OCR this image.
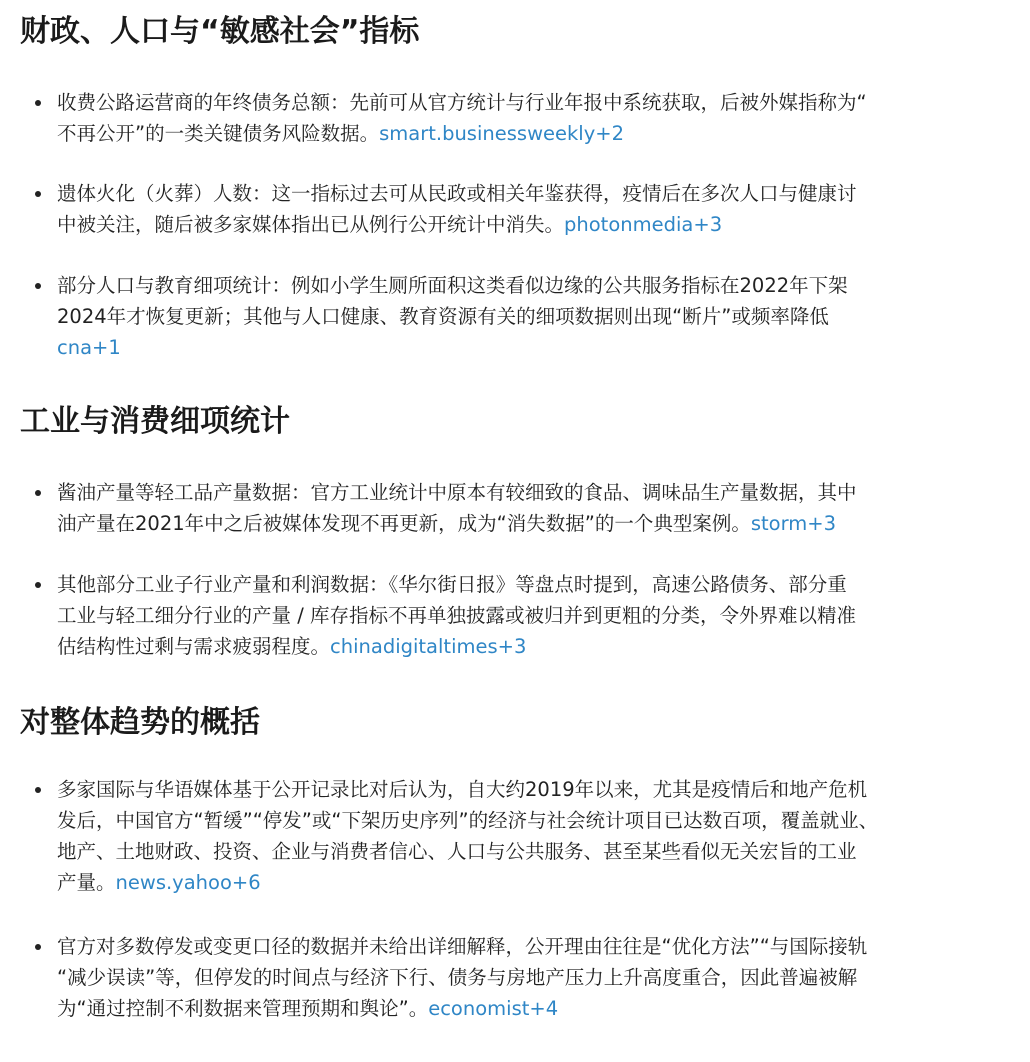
财政、人口与“敏感社会”指标
收费公路运营商的年终债务总额：先前可从官方统计与行业年报中系统获取，后被外媒指称为“
不再公开”的一类关键债务风险数据。smart.businessweekly+2
遗体火化（火葬）人数：这一指标过去可从民政或相关年鉴获得，疫情后在多次人口与健康讨
中被关注，随后被多家媒体指出已从例行公开统计中消失。photonmedia+3
部分人口与教育细项统计：例如小学生厕所面积这类看似边缘的公共服务指标在2022年下架
2024年才恢复更新；其他与人口健康、教育资源有关的细项数据则出现“断片”或频率降低
cna+1
工业与消费细项统计
酱油产量等轻工品产量数据：官方工业统计中原本有较细致的食品、调味品生产量数据，其中
油产量在2021年中之后被媒体发现不再更新，成为“消失数据”的一个典型案例。storm+3
其他部分工业子行业产量和利润数据：《华尔街日报》等盘点时提到，高速公路债务、部分重
工业与轻工细分行业的产量 / 库存指标不再单独披露或被归并到更粗的分类，令外界难以精准
估结构性过剩与需求疲弱程度。chinadigitaltimes+3
对整体趋势的概括
多家国际与华语媒体基于公开记录比对后认为，自大约2019年以来，尤其是疫情后和地产危机
发后，中国官方“暂缓”“停发”或“下架历史序列”的经济与社会统计项目已达数百项，覆盖就业、
地产、土地财政、投资、企业与消费者信心、人口与公共服务、甚至某些看似无关宏旨的工业
产量。news.yahoo+6
官方对多数停发或变更口径的数据并未给出详细解释，公开理由往往是“优化方法”“与国际接轨
“减少误读”等，但停发的时间点与经济下行、债务与房地产压力上升高度重合，因此普遍被解
为“通过控制不利数据来管理预期和舆论”。economist+4
